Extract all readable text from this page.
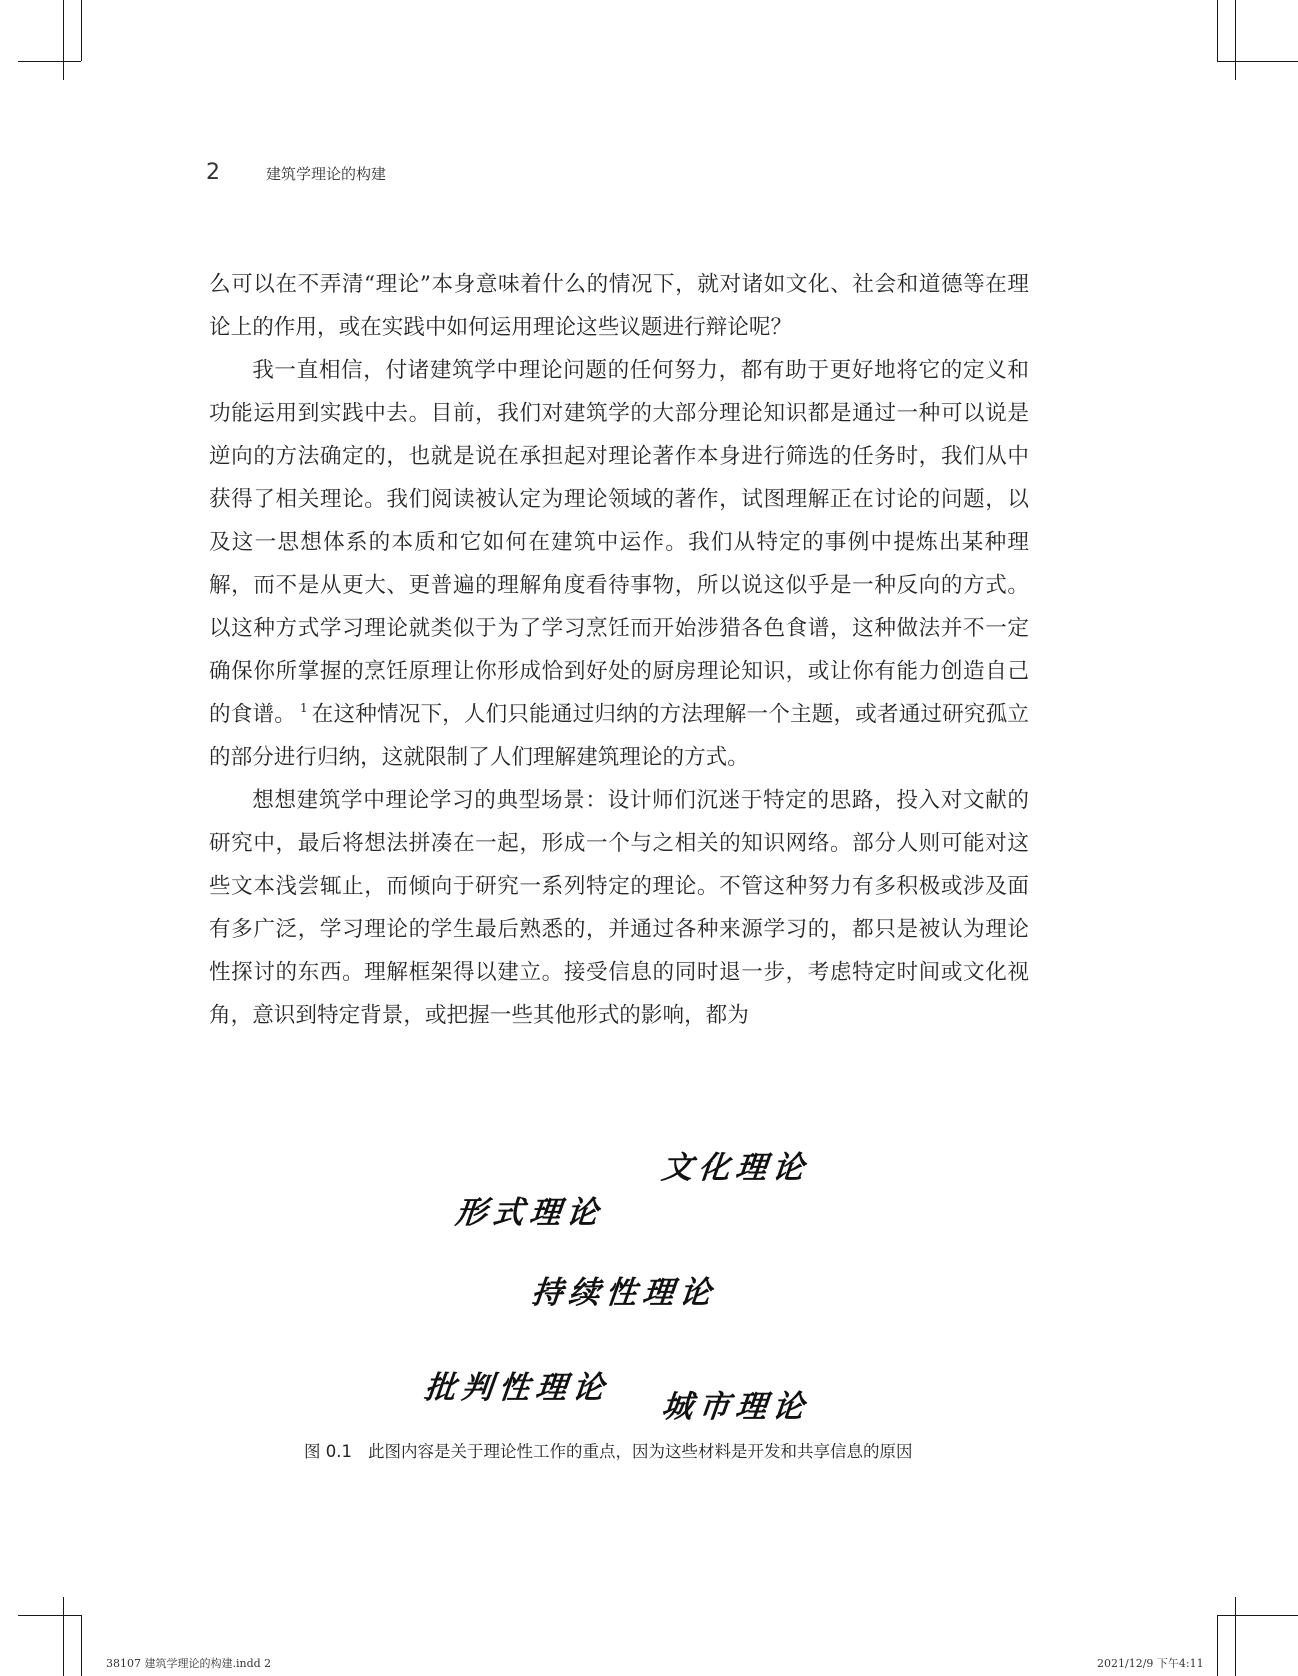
2	建筑学理论的构建

么可以在不弄清“理论”本身意味着什么的情况下，就对诸如文化、社会和道德等在理论上的作用，或在实践中如何运用理论这些议题进行辩论呢？

我一直相信，付诸建筑学中理论问题的任何努力，都有助于更好地将它的定义和功能运用到实践中去。目前，我们对建筑学的大部分理论知识都是通过一种可以说是逆向的方法确定的，也就是说在承担起对理论著作本身进行筛选的任务时，我们从中获得了相关理论。我们阅读被认定为理论领域的著作，试图理解正在讨论的问题，以及这一思想体系的本质和它如何在建筑中运作。我们从特定的事例中提炼出某种理解，而不是从更大、更普遍的理解角度看待事物，所以说这似乎是一种反向的方式。以这种方式学习理论就类似于为了学习烹饪而开始涉猎各色食谱，这种做法并不一定确保你所掌握的烹饪原理让你形成恰到好处的厨房理论知识，或让你有能力创造自己的食谱。 $^1$ 在这种情况下，人们只能通过归纳的方法理解一个主题，或者通过研究孤立的部分进行归纳，这就限制了人们理解建筑理论的方式。

想想建筑学中理论学习的典型场景：设计师们沉迷于特定的思路，投入对文献的研究中，最后将想法拼凑在一起，形成一个与之相关的知识网络。部分人则可能对这些文本浅尝辄止，而倾向于研究一系列特定的理论。不管这种努力有多积极或涉及面有多广泛，学习理论的学生最后熟悉的，并通过各种来源学习的，都只是被认为理论性探讨的东西。理解框架得以建立。接受信息的同时退一步，考虑特定时间或文化视角，意识到特定背景，或把握一些其他形式的影响，都为

文化理论
形式理论
持续性理论
批判性理论
城市理论
图 0.1 此图内容是关于理论性工作的重点，因为这些材料是开发和共享信息的原因
38107 建筑学理论的构建.indd 2	2021/12/9 下午4:11
